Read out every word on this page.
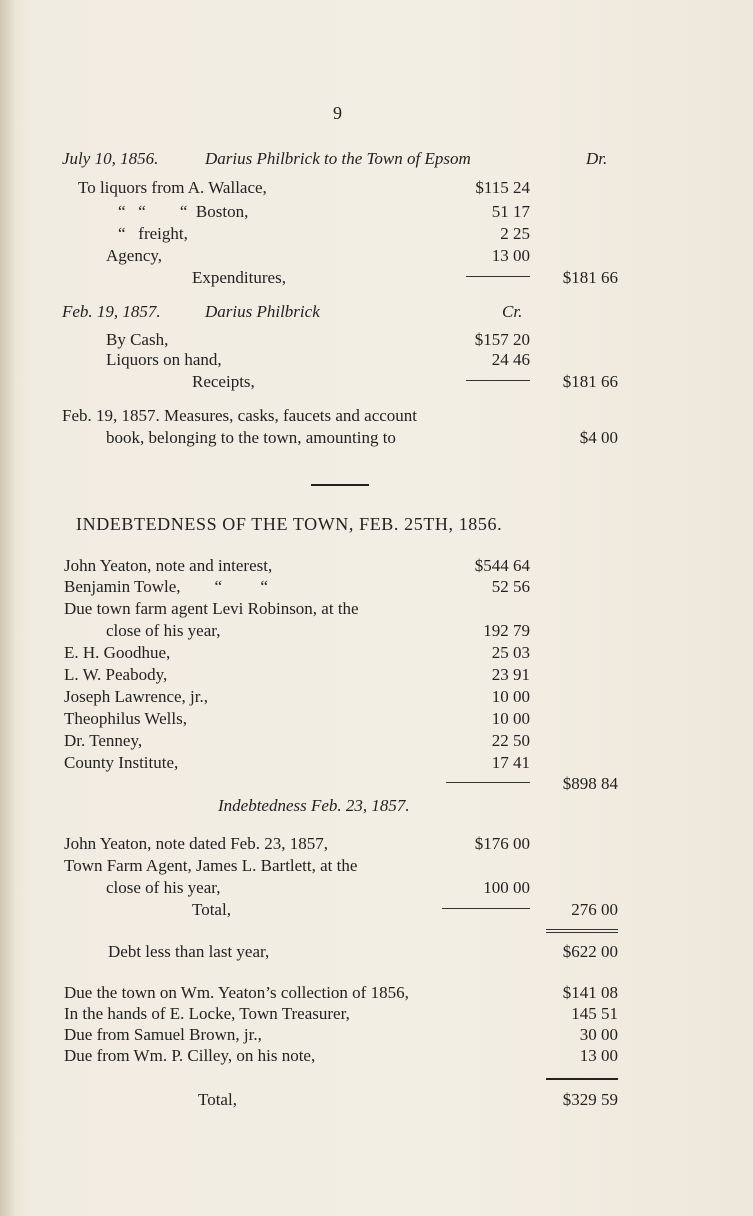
9
July 10, 1856.	Darius Philbrick to the Town of Epsom	Dr.
To liquors from A. Wallace,	$115 24
“   “        “  Boston,	51 17
“   freight,	2 25
Agency,	13 00
Expenditures,	$181 66
Feb. 19, 1857.	Darius Philbrick	Cr.
By Cash,	$157 20
Liquors on hand,	24 46
Receipts,	$181 66
Feb. 19, 1857. Measures, casks, faucets and account
book, belonging to the town, amounting to	$4 00
INDEBTEDNESS OF THE TOWN, FEB. 25TH, 1856.
John Yeaton, note and interest,	$544 64
Benjamin Towle,        “         “	52 56
Due town farm agent Levi Robinson, at the
close of his year,	192 79
E. H. Goodhue,	25 03
L. W. Peabody,	23 91
Joseph Lawrence, jr.,	10 00
Theophilus Wells,	10 00
Dr. Tenney,	22 50
County Institute,	17 41
$898 84
Indebtedness Feb. 23, 1857.
John Yeaton, note dated Feb. 23, 1857,	$176 00
Town Farm Agent, James L. Bartlett, at the
close of his year,	100 00
Total,	276 00
Debt less than last year,	$622 00
Due the town on Wm. Yeaton’s collection of 1856,	$141 08
In the hands of E. Locke, Town Treasurer,	145 51
Due from Samuel Brown, jr.,	30 00
Due from Wm. P. Cilley, on his note,	13 00
Total,	$329 59
